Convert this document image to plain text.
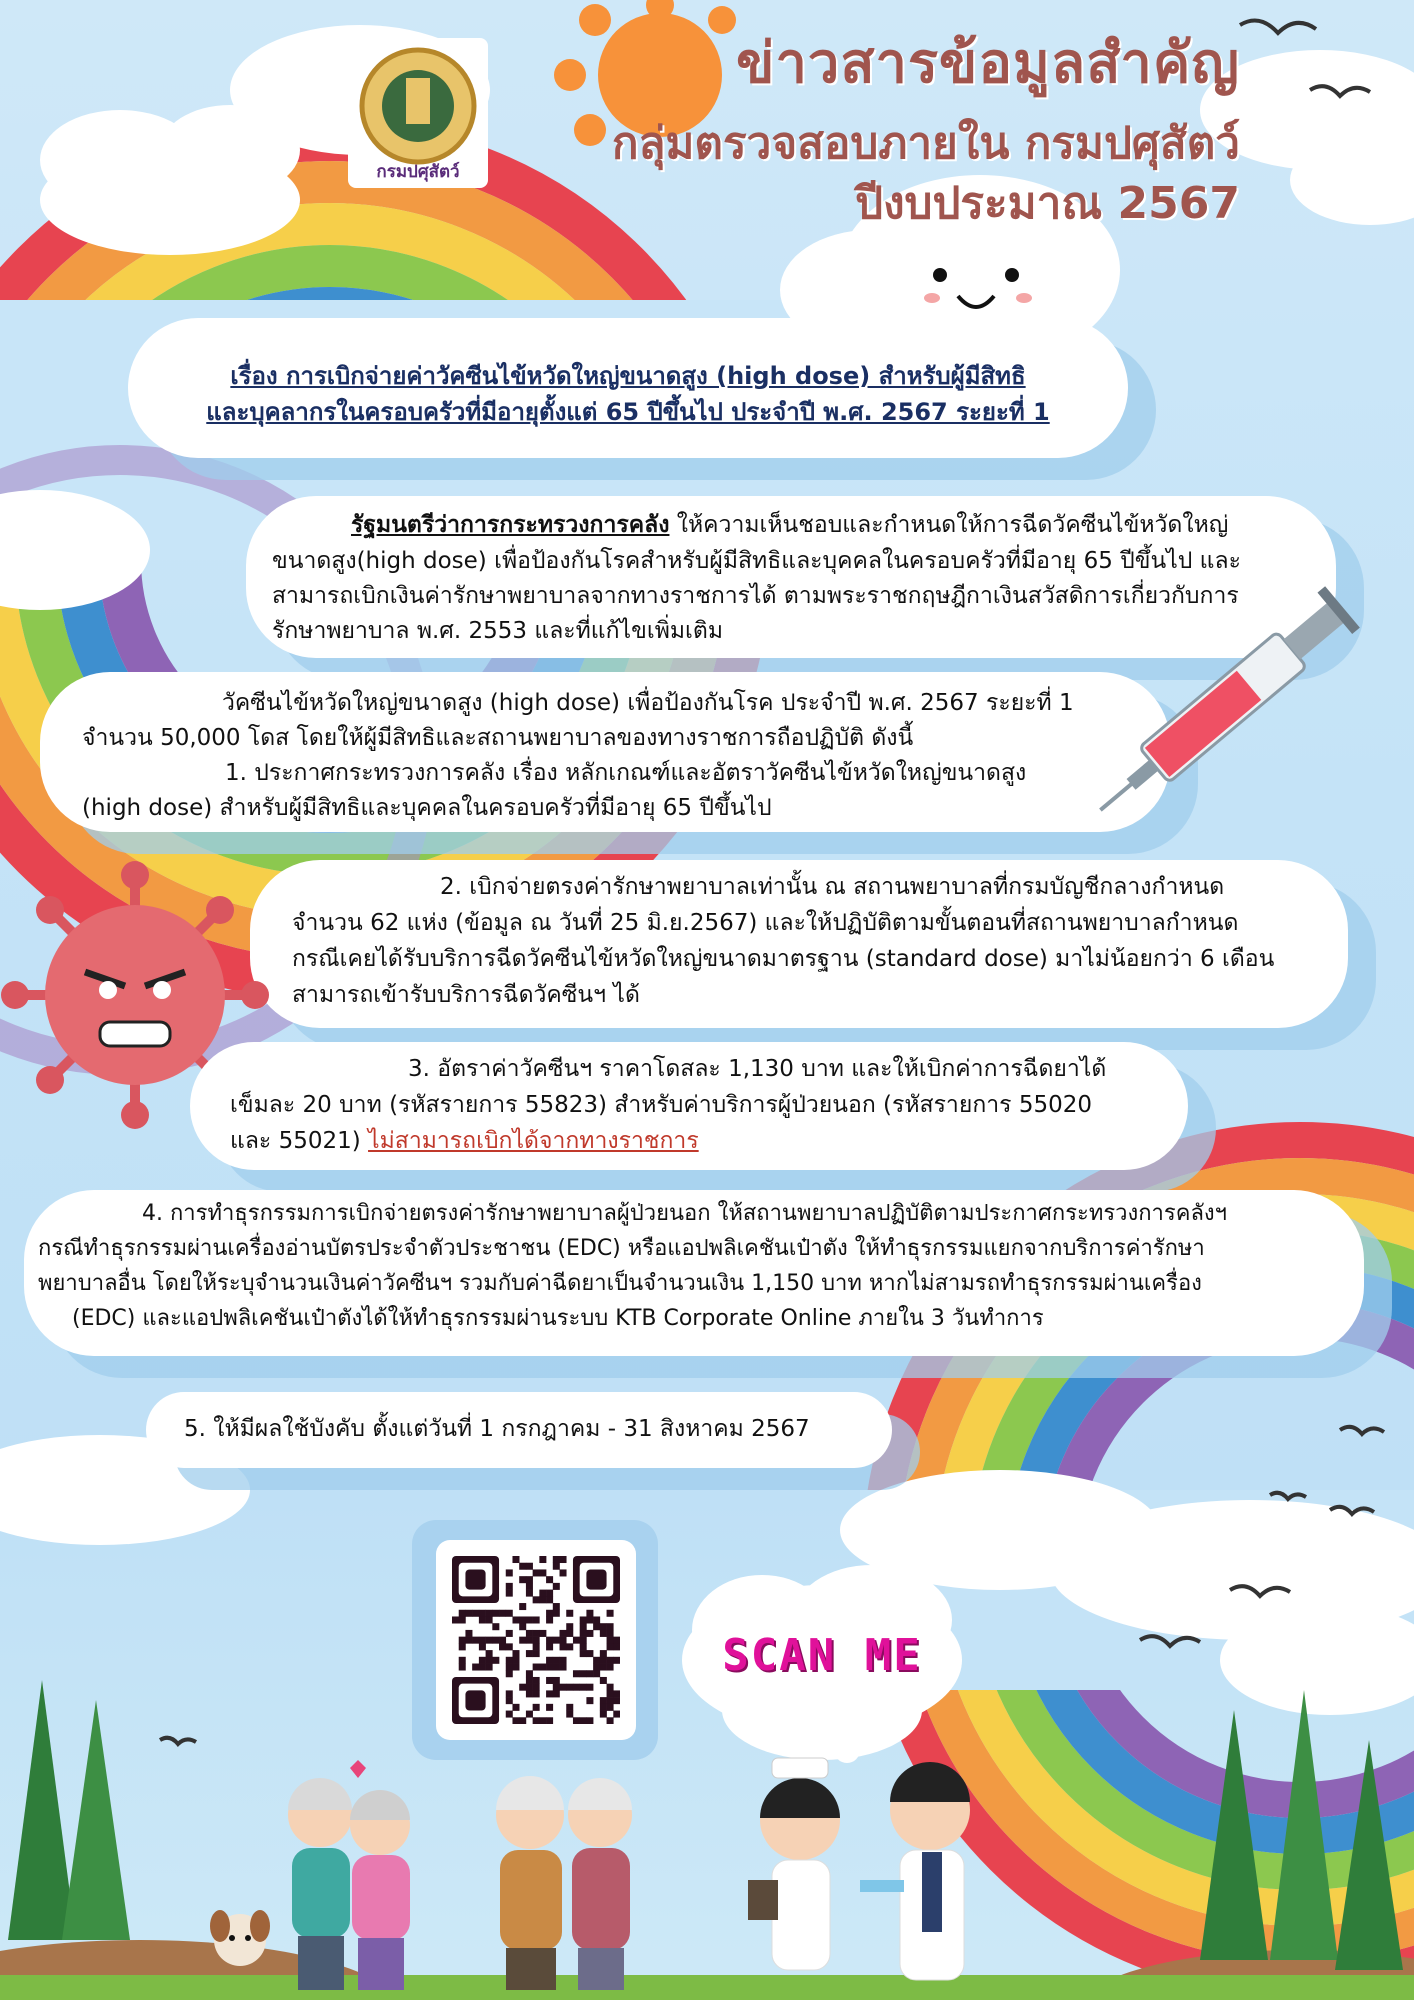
กรมปศุสัตว์
ข่าวสารข้อมูลสำคัญ
กลุ่มตรวจสอบภายใน กรมปศุสัตว์
ปีงบประมาณ 2567
เรื่อง การเบิกจ่ายค่าวัคซีนไข้หวัดใหญ่ขนาดสูง (high dose) สำหรับผู้มีสิทธิ
และบุคลากรในครอบครัวที่มีอายุตั้งแต่ 65 ปีขึ้นไป ประจำปี พ.ศ. 2567 ระยะที่ 1

รัฐมนตรีว่าการกระทรวงการคลัง ให้ความเห็นชอบและกำหนดให้การฉีดวัคซีนไข้หวัดใหญ่

ขนาดสูง(high dose) เพื่อป้องกันโรคสำหรับผู้มีสิทธิและบุคคลในครอบครัวที่มีอายุ 65 ปีขึ้นไป และ

สามารถเบิกเงินค่ารักษาพยาบาลจากทางราชการได้ ตามพระราชกฤษฎีกาเงินสวัสดิการเกี่ยวกับการ

รักษาพยาบาล พ.ศ. 2553 และที่แก้ไขเพิ่มเติม

วัคซีนไข้หวัดใหญ่ขนาดสูง (high dose) เพื่อป้องกันโรค ประจำปี พ.ศ. 2567 ระยะที่ 1

จำนวน 50,000 โดส โดยให้ผู้มีสิทธิและสถานพยาบาลของทางราชการถือปฏิบัติ ดังนี้

1. ประกาศกระทรวงการคลัง เรื่อง หลักเกณฑ์และอัตราวัคซีนไข้หวัดใหญ่ขนาดสูง

(high dose) สำหรับผู้มีสิทธิและบุคคลในครอบครัวที่มีอายุ 65 ปีขึ้นไป

2. เบิกจ่ายตรงค่ารักษาพยาบาลเท่านั้น ณ สถานพยาบาลที่กรมบัญชีกลางกำหนด

จำนวน 62 แห่ง (ข้อมูล ณ วันที่ 25 มิ.ย.2567) และให้ปฏิบัติตามขั้นตอนที่สถานพยาบาลกำหนด

กรณีเคยได้รับบริการฉีดวัคซีนไข้หวัดใหญ่ขนาดมาตรฐาน (standard dose) มาไม่น้อยกว่า 6 เดือน

สามารถเข้ารับบริการฉีดวัคซีนฯ ได้

3. อัตราค่าวัคซีนฯ ราคาโดสละ 1,130 บาท และให้เบิกค่าการฉีดยาได้

เข็มละ 20 บาท (รหัสรายการ 55823) สำหรับค่าบริการผู้ป่วยนอก (รหัสรายการ 55020

และ 55021) ไม่สามารถเบิกได้จากทางราชการ

4. การทำธุรกรรมการเบิกจ่ายตรงค่ารักษาพยาบาลผู้ป่วยนอก ให้สถานพยาบาลปฏิบัติตามประกาศกระทรวงการคลังฯ

กรณีทำธุรกรรมผ่านเครื่องอ่านบัตรประจำตัวประชาชน (EDC) หรือแอปพลิเคชันเป๋าตัง ให้ทำธุรกรรมแยกจากบริการค่ารักษา

พยาบาลอื่น โดยให้ระบุจำนวนเงินค่าวัคซีนฯ รวมกับค่าฉีดยาเป็นจำนวนเงิน 1,150 บาท หากไม่สามรถทำธุรกรรมผ่านเครื่อง

(EDC) และแอปพลิเคชันเป๋าตังได้ให้ทำธุรกรรมผ่านระบบ KTB Corporate Online ภายใน 3 วันทำการ

5. ให้มีผลใช้บังคับ ตั้งแต่วันที่ 1 กรกฎาคม - 31 สิงหาคม 2567

SCAN ME
